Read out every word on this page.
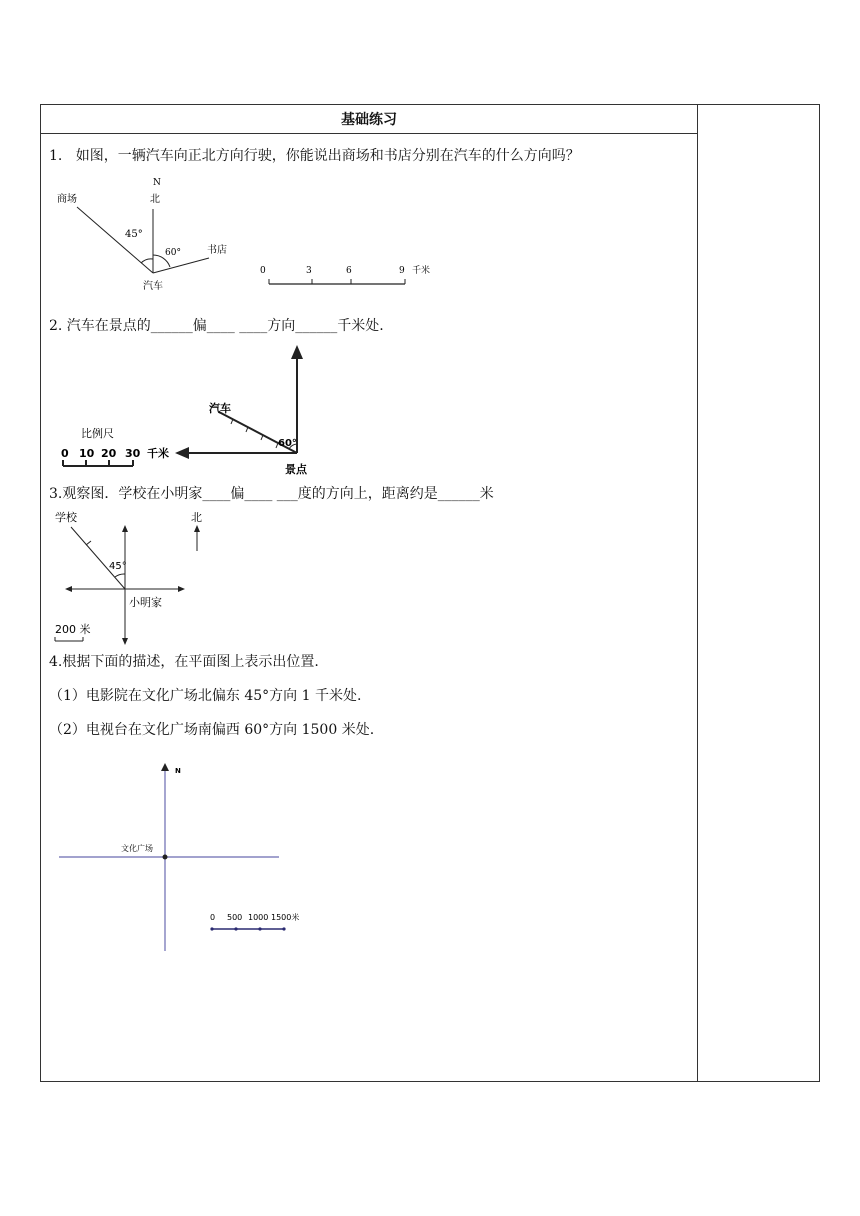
基础练习
1.   如图，一辆汽车向正北方向行驶，你能说出商场和书店分别在汽车的什么方向吗？
N
北
商场
书店
汽车
45°
60°
0	3	6	9 千米
2. 汽车在景点的______偏____ ____方向______千米处.
汽车
60°
景点
比例尺
0 10 20 30 千米
3.观察图．学校在小明家____偏____ ___度的方向上，距离约是______米
学校	北
45°
小明家
200 米
4.根据下面的描述，在平面图上表示出位置.
（1）电影院在文化广场北偏东 45°方向 1 千米处.
（2）电视台在文化广场南偏西 60°方向 1500 米处.
N
文化广场
0 500 1000 1500米
